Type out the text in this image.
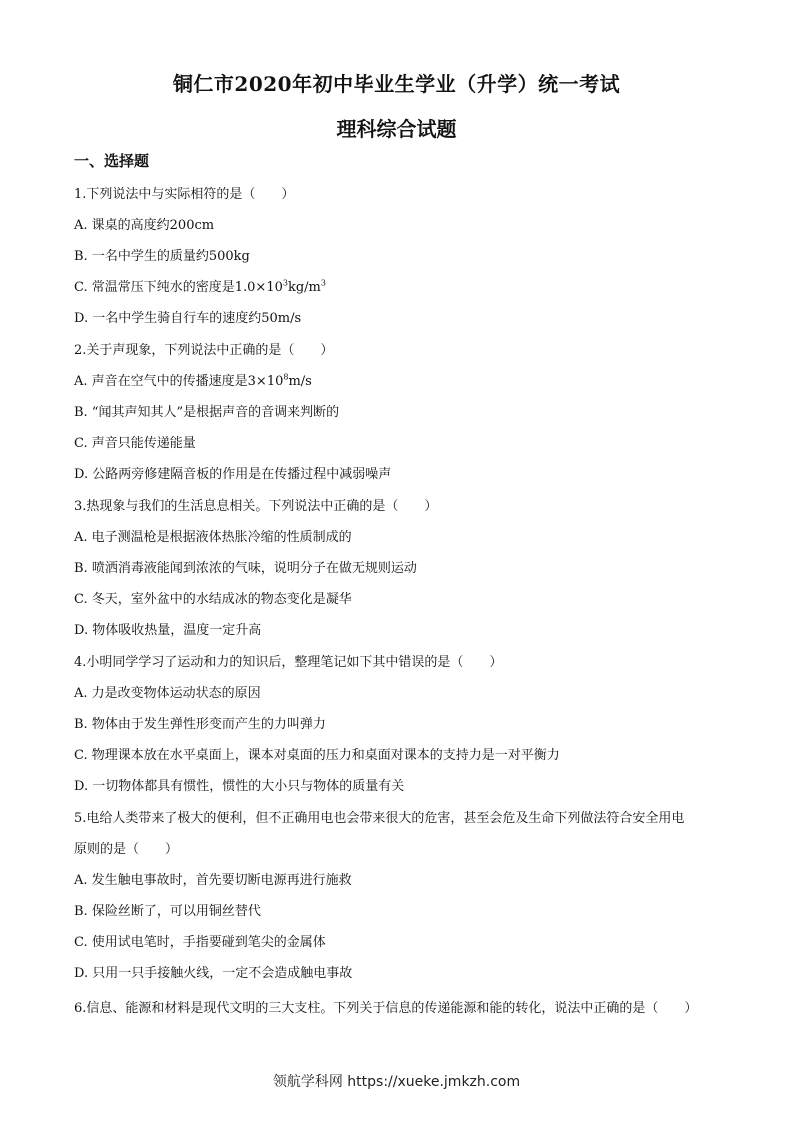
铜仁市2020年初中毕业生学业（升学）统一考试
理科综合试题
一、选择题
1.下列说法中与实际相符的是（　　）
A. 课桌的高度约200cm
B. 一名中学生的质量约500kg
C. 常温常压下纯水的密度是$1.0\times 10^3kg/m^3$
D. 一名中学生骑自行车的速度约50m/s
2.关于声现象，下列说法中正确的是（　　）
A. 声音在空气中的传播速度是$3\times 10^8m/s$
B. “闻其声知其人”是根据声音的音调来判断的
C. 声音只能传递能量
D. 公路两旁修建隔音板的作用是在传播过程中减弱噪声
3.热现象与我们的生活息息相关。下列说法中正确的是（　　）
A. 电子测温枪是根据液体热胀冷缩的性质制成的
B. 喷洒消毒液能闻到浓浓的气味，说明分子在做无规则运动
C. 冬天，室外盆中的水结成冰的物态变化是凝华
D. 物体吸收热量，温度一定升高
4.小明同学学习了运动和力的知识后，整理笔记如下其中错误的是（　　）
A. 力是改变物体运动状态的原因
B. 物体由于发生弹性形变而产生的力叫弹力
C. 物理课本放在水平桌面上，课本对桌面的压力和桌面对课本的支持力是一对平衡力
D. 一切物体都具有惯性，惯性的大小只与物体的质量有关
5.电给人类带来了极大的便利，但不正确用电也会带来很大的危害，甚至会危及生命下列做法符合安全用电
原则的是（　　）
A. 发生触电事故时，首先要切断电源再进行施救
B. 保险丝断了，可以用铜丝替代
C. 使用试电笔时，手指要碰到笔尖的金属体
D. 只用一只手接触火线，一定不会造成触电事故
6.信息、能源和材料是现代文明的三大支柱。下列关于信息的传递能源和能的转化，说法中正确的是（　　）
领航学科网 https://xueke.jmkzh.com
